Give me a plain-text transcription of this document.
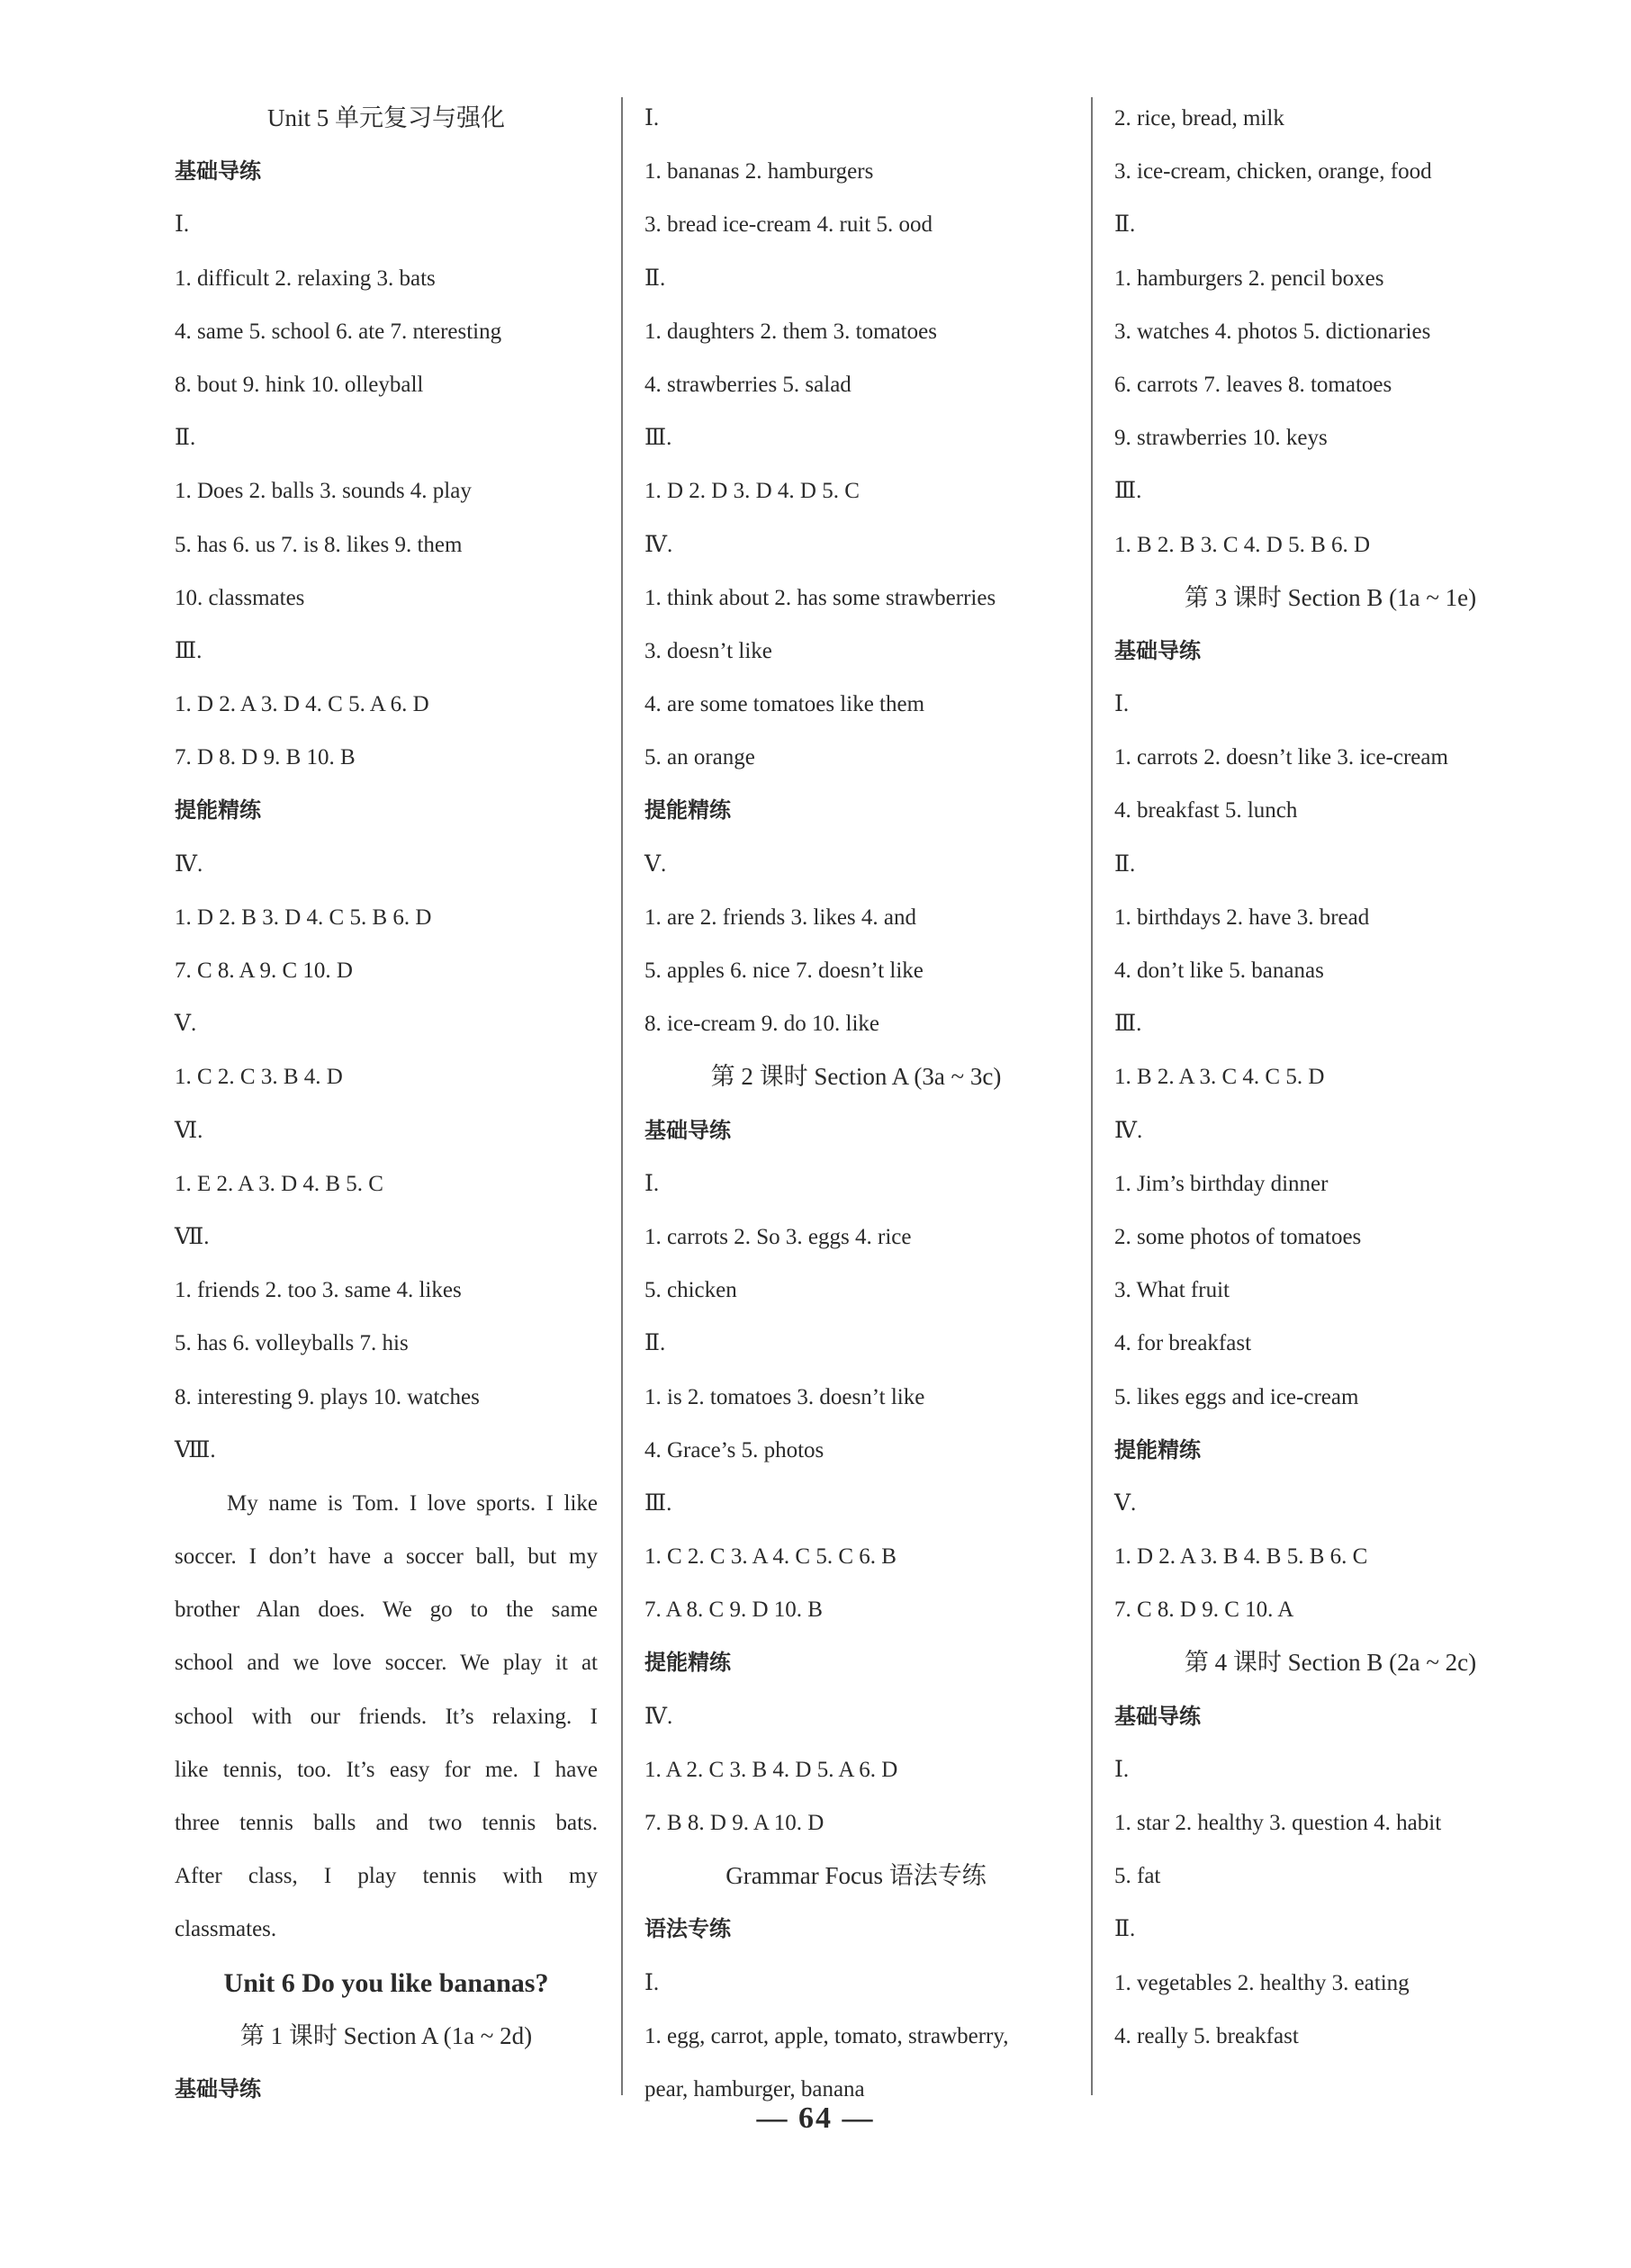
Unit 5 单元复习与强化
基础导练
Ⅰ.
1. difficult 2. relaxing 3. bats
4. same 5. school 6. ate 7. nteresting
8. bout 9. hink 10. olleyball
Ⅱ.
1. Does 2. balls 3. sounds 4. play
5. has 6. us 7. is 8. likes 9. them
10. classmates
Ⅲ.
1. D 2. A 3. D 4. C 5. A 6. D
7. D 8. D 9. B 10. B
提能精练
Ⅳ.
1. D 2. B 3. D 4. C 5. B 6. D
7. C 8. A 9. C 10. D
Ⅴ.
1. C 2. C 3. B 4. D
Ⅵ.
1. E 2. A 3. D 4. B 5. C
Ⅶ.
1. friends 2. too 3. same 4. likes
5. has 6. volleyballs 7. his
8. interesting 9. plays 10. watches
Ⅷ.
My name is Tom. I love sports. I like
soccer. I don’t have a soccer ball, but my
brother Alan does. We go to the same
school and we love soccer. We play it at
school with our friends. It’s relaxing. I
like tennis, too. It’s easy for me. I have
three tennis balls and two tennis bats.
After class, I play tennis with my
classmates.
Unit 6 Do you like bananas?
第 1 课时 Section A (1a ~ 2d)
基础导练
Ⅰ.
1. bananas 2. hamburgers
3. bread ice-cream 4. ruit 5. ood
Ⅱ.
1. daughters 2. them 3. tomatoes
4. strawberries 5. salad
Ⅲ.
1. D 2. D 3. D 4. D 5. C
Ⅳ.
1. think about 2. has some strawberries
3. doesn’t like
4. are some tomatoes like them
5. an orange
提能精练
Ⅴ.
1. are 2. friends 3. likes 4. and
5. apples 6. nice 7. doesn’t like
8. ice-cream 9. do 10. like
第 2 课时 Section A (3a ~ 3c)
基础导练
Ⅰ.
1. carrots 2. So 3. eggs 4. rice
5. chicken
Ⅱ.
1. is 2. tomatoes 3. doesn’t like
4. Grace’s 5. photos
Ⅲ.
1. C 2. C 3. A 4. C 5. C 6. B
7. A 8. C 9. D 10. B
提能精练
Ⅳ.
1. A 2. C 3. B 4. D 5. A 6. D
7. B 8. D 9. A 10. D
Grammar Focus 语法专练
语法专练
Ⅰ.
1. egg, carrot, apple, tomato, strawberry,
pear, hamburger, banana
2. rice, bread, milk
3. ice-cream, chicken, orange, food
Ⅱ.
1. hamburgers 2. pencil boxes
3. watches 4. photos 5. dictionaries
6. carrots 7. leaves 8. tomatoes
9. strawberries 10. keys
Ⅲ.
1. B 2. B 3. C 4. D 5. B 6. D
第 3 课时 Section B (1a ~ 1e)
基础导练
Ⅰ.
1. carrots 2. doesn’t like 3. ice-cream
4. breakfast 5. lunch
Ⅱ.
1. birthdays 2. have 3. bread
4. don’t like 5. bananas
Ⅲ.
1. B 2. A 3. C 4. C 5. D
Ⅳ.
1. Jim’s birthday dinner
2. some photos of tomatoes
3. What fruit
4. for breakfast
5. likes eggs and ice-cream
提能精练
Ⅴ.
1. D 2. A 3. B 4. B 5. B 6. C
7. C 8. D 9. C 10. A
第 4 课时 Section B (2a ~ 2c)
基础导练
Ⅰ.
1. star 2. healthy 3. question 4. habit
5. fat
Ⅱ.
1. vegetables 2. healthy 3. eating
4. really 5. breakfast
— 64 —
